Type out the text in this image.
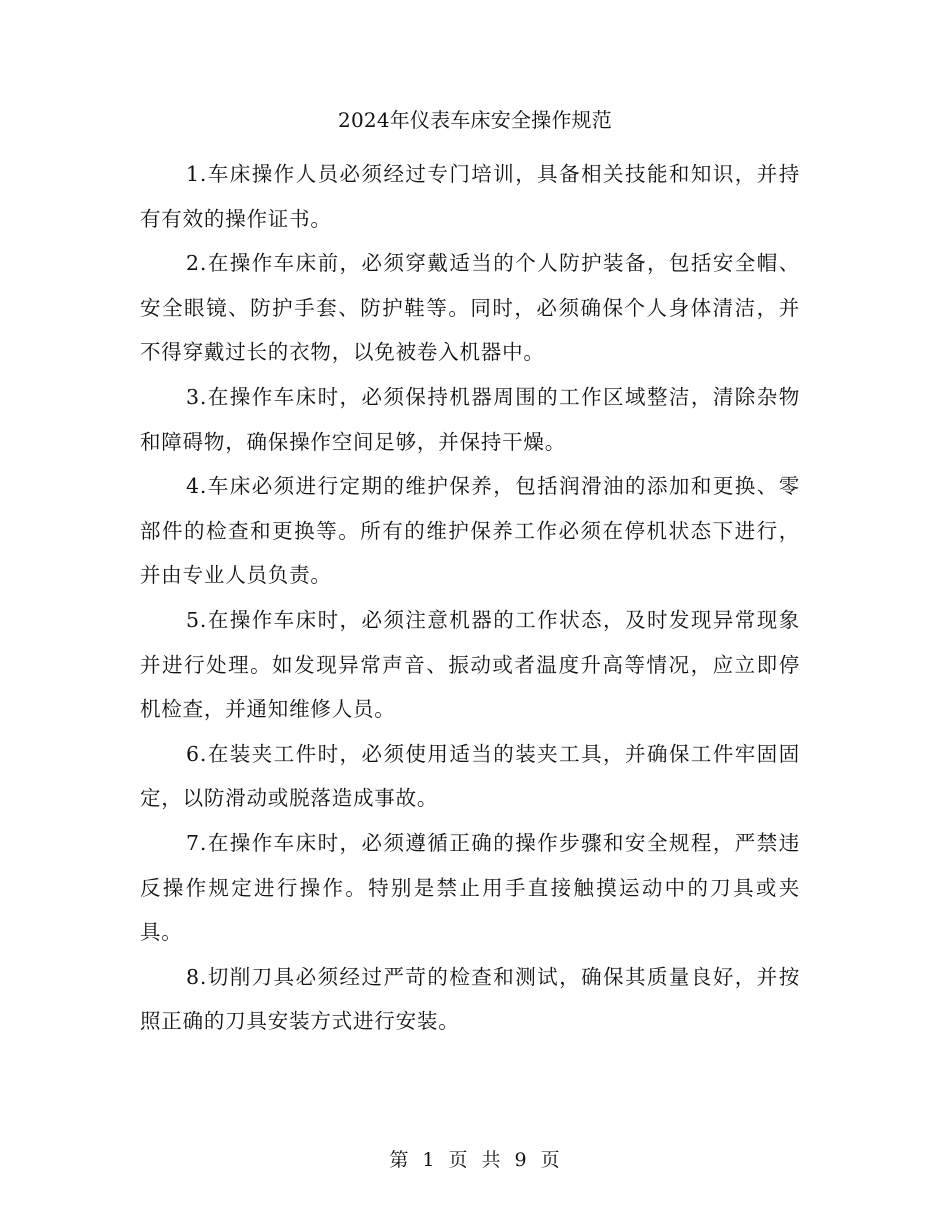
2024年仪表车床安全操作规范

1.车床操作人员必须经过专门培训，具备相关技能和知识，并持有有效的操作证书。

2.在操作车床前，必须穿戴适当的个人防护装备，包括安全帽、安全眼镜、防护手套、防护鞋等。同时，必须确保个人身体清洁，并不得穿戴过长的衣物，以免被卷入机器中。

3.在操作车床时，必须保持机器周围的工作区域整洁，清除杂物和障碍物，确保操作空间足够，并保持干燥。

4.车床必须进行定期的维护保养，包括润滑油的添加和更换、零部件的检查和更换等。所有的维护保养工作必须在停机状态下进行，并由专业人员负责。

5.在操作车床时，必须注意机器的工作状态，及时发现异常现象并进行处理。如发现异常声音、振动或者温度升高等情况，应立即停机检查，并通知维修人员。

6.在装夹工件时，必须使用适当的装夹工具，并确保工件牢固固定，以防滑动或脱落造成事故。

7.在操作车床时，必须遵循正确的操作步骤和安全规程，严禁违反操作规定进行操作。特别是禁止用手直接触摸运动中的刀具或夹具。

8.切削刀具必须经过严苛的检查和测试，确保其质量良好，并按照正确的刀具安装方式进行安装。

第 1 页 共 9 页
